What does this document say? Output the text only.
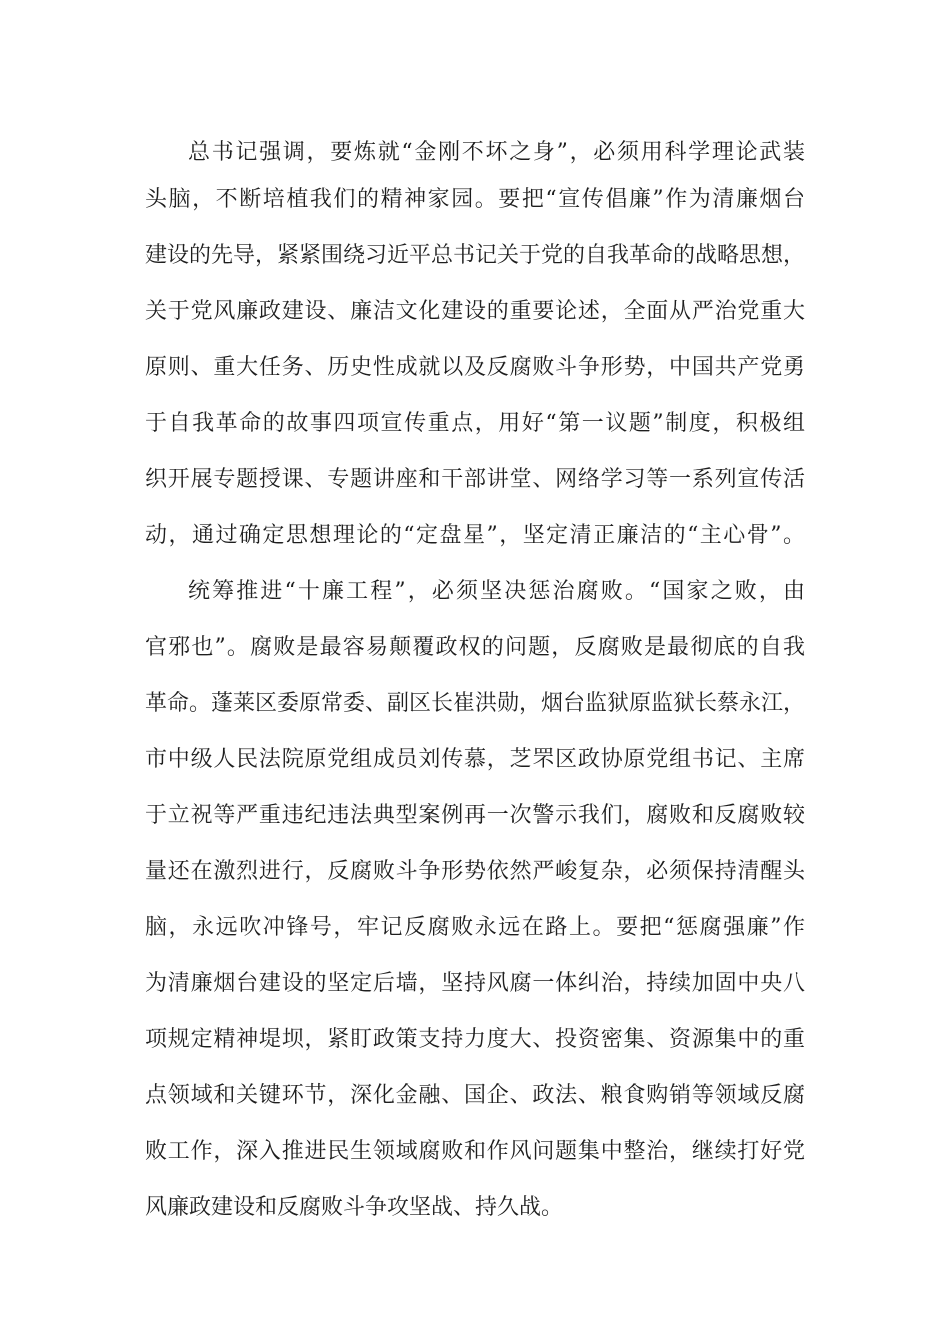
总书记强调，要炼就“金刚不坏之身”，必须用科学理论武装
头脑，不断培植我们的精神家园。要把“宣传倡廉”作为清廉烟台
建设的先导，紧紧围绕习近平总书记关于党的自我革命的战略思想，
关于党风廉政建设、廉洁文化建设的重要论述，全面从严治党重大
原则、重大任务、历史性成就以及反腐败斗争形势，中国共产党勇
于自我革命的故事四项宣传重点，用好“第一议题”制度，积极组
织开展专题授课、专题讲座和干部讲堂、网络学习等一系列宣传活
动，通过确定思想理论的“定盘星”，坚定清正廉洁的“主心骨”。
统筹推进“十廉工程”，必须坚决惩治腐败。“国家之败，由
官邪也”。腐败是最容易颠覆政权的问题，反腐败是最彻底的自我
革命。蓬莱区委原常委、副区长崔洪勋，烟台监狱原监狱长蔡永江，
市中级人民法院原党组成员刘传慕，芝罘区政协原党组书记、主席
于立祝等严重违纪违法典型案例再一次警示我们，腐败和反腐败较
量还在激烈进行，反腐败斗争形势依然严峻复杂，必须保持清醒头
脑，永远吹冲锋号，牢记反腐败永远在路上。要把“惩腐强廉”作
为清廉烟台建设的坚定后墙，坚持风腐一体纠治，持续加固中央八
项规定精神堤坝，紧盯政策支持力度大、投资密集、资源集中的重
点领域和关键环节，深化金融、国企、政法、粮食购销等领域反腐
败工作，深入推进民生领域腐败和作风问题集中整治，继续打好党
风廉政建设和反腐败斗争攻坚战、持久战。
